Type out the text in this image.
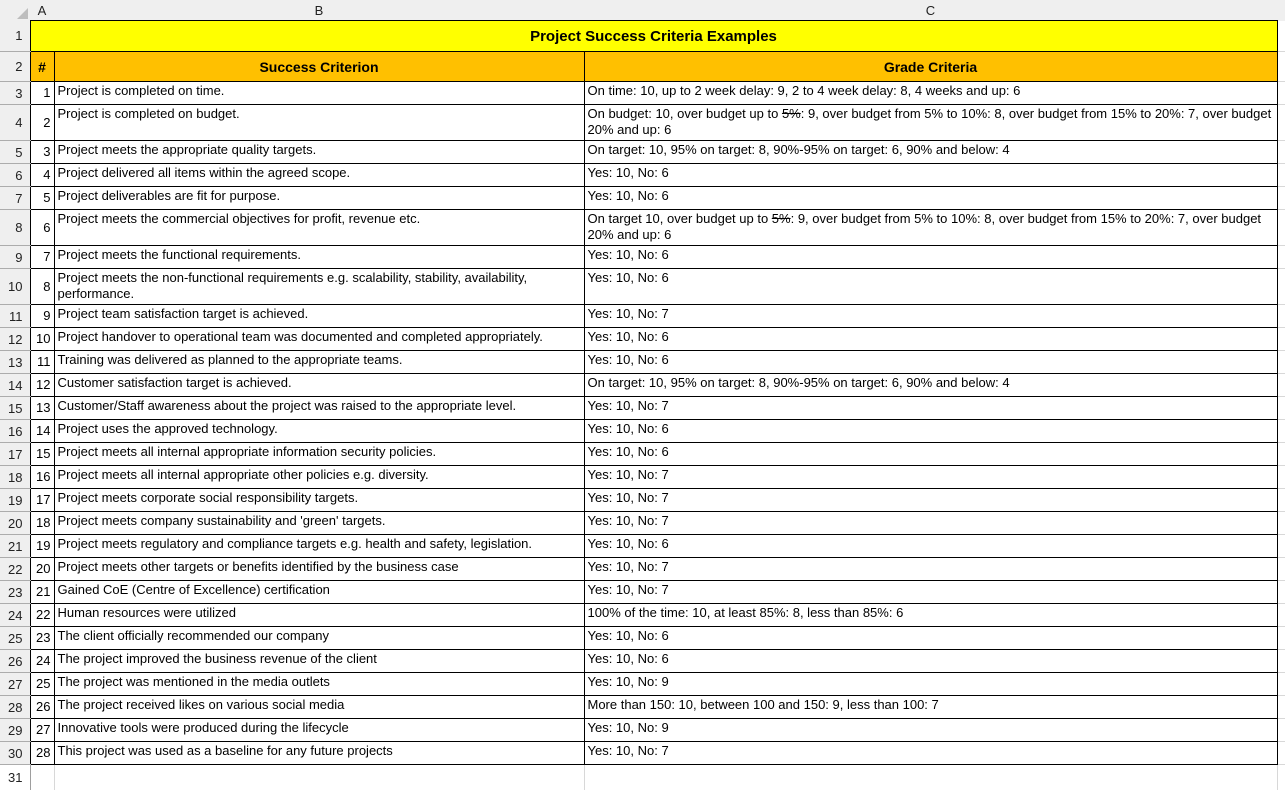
	A	B	C	
1	Project Success Criteria Examples			
2	#	Success Criterion	Grade Criteria	
3	1	Project is completed on time.	On time: 10, up to 2 week delay: 9, 2 to 4 week delay: 8, 4 weeks and up: 6	
4	2	Project is completed on budget.	On budget: 10, over budget up to 5%: 9, over budget from 5% to 10%: 8, over budget from 15% to 20%: 7, over budget 20% and up: 6	
5	3	Project meets the appropriate quality targets.	On target: 10, 95% on target: 8, 90%-95% on target: 6, 90% and below: 4	
6	4	Project delivered all items within the agreed scope.	Yes: 10, No: 6	
7	5	Project deliverables are fit for purpose.	Yes: 10, No: 6	
8	6	Project meets the commercial objectives for profit, revenue etc.	On target 10, over budget up to 5%: 9, over budget from 5% to 10%: 8, over budget from 15% to 20%: 7, over budget 20% and up: 6	
9	7	Project meets the functional requirements.	Yes: 10, No: 6	
10	8	Project meets the non-functional requirements e.g. scalability, stability, availability, performance.	Yes: 10, No: 6	
11	9	Project team satisfaction target is achieved.	Yes: 10, No: 7	
12	10	Project handover to operational team was documented and completed appropriately.	Yes: 10, No: 6	
13	11	Training was delivered as planned to the appropriate teams.	Yes: 10, No: 6	
14	12	Customer satisfaction target is achieved.	On target: 10, 95% on target: 8, 90%-95% on target: 6, 90% and below: 4	
15	13	Customer/Staff awareness about the project was raised to the appropriate level.	Yes: 10, No: 7	
16	14	Project uses the approved technology.	Yes: 10, No: 6	
17	15	Project meets all internal appropriate information security policies.	Yes: 10, No: 6	
18	16	Project meets all internal appropriate other policies e.g. diversity.	Yes: 10, No: 7	
19	17	Project meets corporate social responsibility targets.	Yes: 10, No: 7	
20	18	Project meets company sustainability and 'green' targets.	Yes: 10, No: 7	
21	19	Project meets regulatory and compliance targets e.g. health and safety, legislation.	Yes: 10, No: 6	
22	20	Project meets other targets or benefits identified by the business case	Yes: 10, No: 7	
23	21	Gained CoE (Centre of Excellence) certification	Yes: 10, No: 7	
24	22	Human resources were utilized	100% of the time: 10, at least 85%: 8, less than 85%: 6	
25	23	The client officially recommended our company	Yes: 10, No: 6	
26	24	The project improved the business revenue of the client	Yes: 10, No: 6	
27	25	The project was mentioned in the media outlets	Yes: 10, No: 9	
28	26	The project received likes on various social media	More than 150: 10, between 100 and 150: 9, less than 100: 7	
29	27	Innovative tools were produced during the lifecycle	Yes: 10, No: 9	
30	28	This project was used as a baseline for any future projects	Yes: 10, No: 7	
31				
